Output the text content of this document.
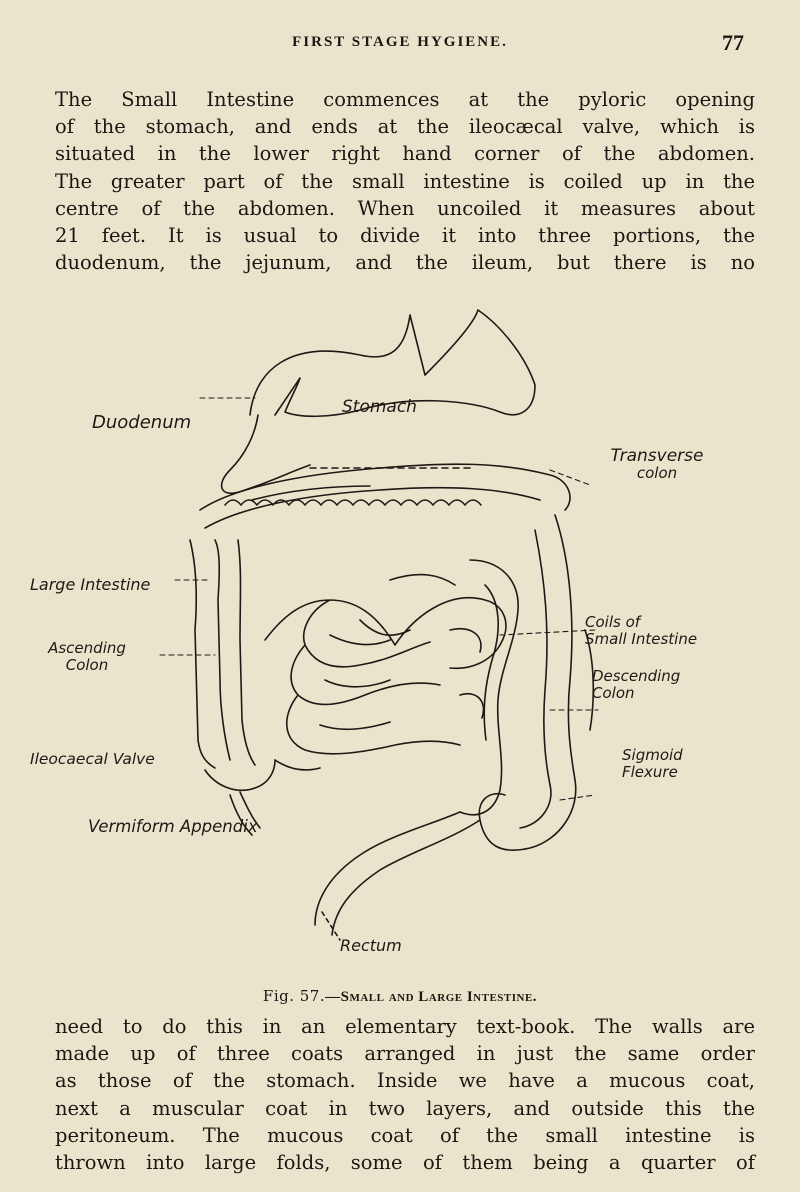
FIRST STAGE HYGIENE.	77
The Small Intestine commences at the pyloric opening
of the stomach, and ends at the ileocæcal valve, which is
situated in the lower right hand corner of the abdomen.
The greater part of the small intestine is coiled up in the
centre of the abdomen. When uncoiled it measures about
21 feet. It is usual to divide it into three portions, the
duodenum, the jejunum, and the ileum, but there is no
Stomach
Duodenum
Transverse
colon
Large Intestine
Ascending
Colon
Coils of
Small Intestine
Descending
Colon
Ileocaecal Valve	Sigmoid
Flexure
Vermiform Appendix
Rectum
Fig. 57.—Small and Large Intestine.
need to do this in an elementary text-book. The walls are
made up of three coats arranged in just the same order
as those of the stomach. Inside we have a mucous coat,
next a muscular coat in two layers, and outside this the
peritoneum. The mucous coat of the small intestine is
thrown into large folds, some of them being a quarter of
